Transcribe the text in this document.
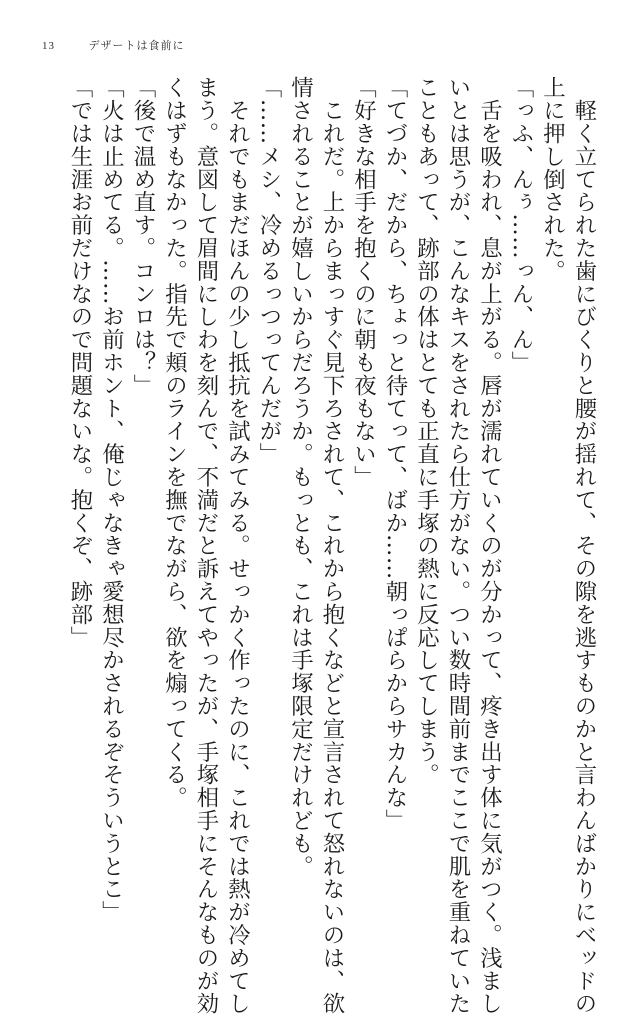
13	デザートは食前に

　軽く立てられた歯にびくりと腰が揺れて、その隙を逃すものかと言わんばかりにベッドの

上に押し倒された。

「っふ、んぅ……っん、ん」

　舌を吸われ、息が上がる。唇が濡れていくのが分かって、疼き出す体に気がつく。浅まし

いとは思うが、こんなキスをされたら仕方がない。つい数時間前までここで肌を重ねていた

こともあって、跡部の体はとても正直に手塚の熱に反応してしまう。

「てづか、だから、ちょっと待てって、ばか……朝っぱらからサカんな」

「好きな相手を抱くのに朝も夜もない」

　これだ。上からまっすぐ見下ろされて、これから抱くなどと宣言されて怒れないのは、欲

情されることが嬉しいからだろうか。もっとも、これは手塚限定だけれども。

「……メシ、冷めるっつってんだが」

　それでもまだほんの少し抵抗を試みてみる。せっかく作ったのに、これでは熱が冷めてし

まう。意図して眉間にしわを刻んで、不満だと訴えてやったが、手塚相手にそんなものが効

くはずもなかった。指先で頬のラインを撫でながら、欲を煽ってくる。

「後で温め直す。コンロは？」

「火は止めてる。……お前ホント、俺じゃなきゃ愛想尽かされるぞそういうとこ」

「では生涯お前だけなので問題ないな。抱くぞ、跡部」
